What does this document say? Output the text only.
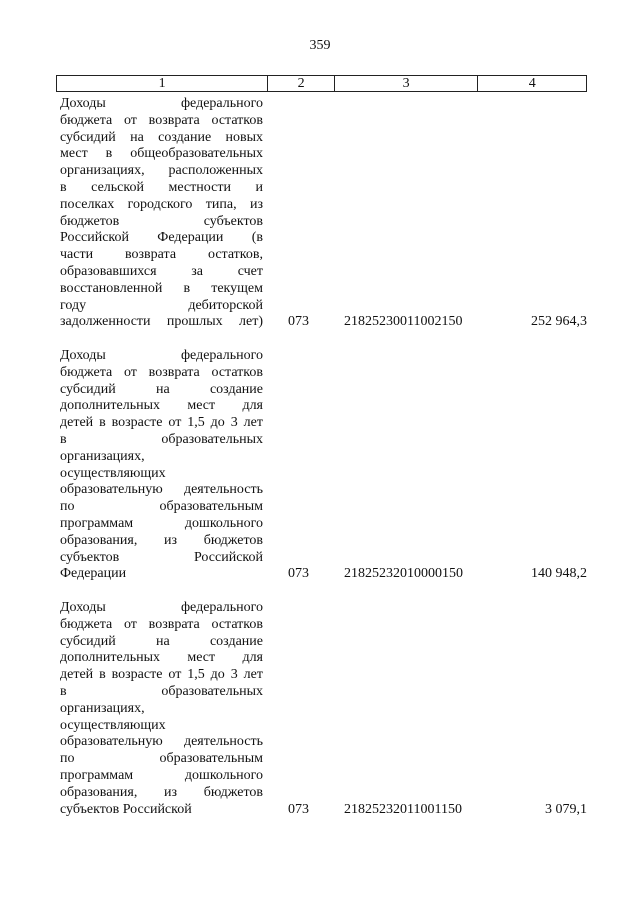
359
1	2	3	4
Доходы федерального
бюджета от возврата остатков
субсидий на создание новых
мест в общеобразовательных
организациях, расположенных
в сельской местности и
поселках городского типа, из
бюджетов субъектов
Российской Федерации (в
части возврата остатков,
образовавшихся за счет
восстановленной в текущем
году дебиторской
задолженности прошлых лет) 073	21825230011002150	252 964,3
Доходы федерального
бюджета от возврата остатков
субсидий на создание
дополнительных мест для
детей в возрасте от 1,5 до 3 лет
в образовательных
организациях,
осуществляющих
образовательную деятельность
по образовательным
программам дошкольного
образования, из бюджетов
субъектов Российской
Федерации	073	21825232010000150	140 948,2
Доходы федерального
бюджета от возврата остатков
субсидий на создание
дополнительных мест для
детей в возрасте от 1,5 до 3 лет
в образовательных
организациях,
осуществляющих
образовательную деятельность
по образовательным
программам дошкольного
образования, из бюджетов
субъектов Российской	073	21825232011001150	3 079,1
